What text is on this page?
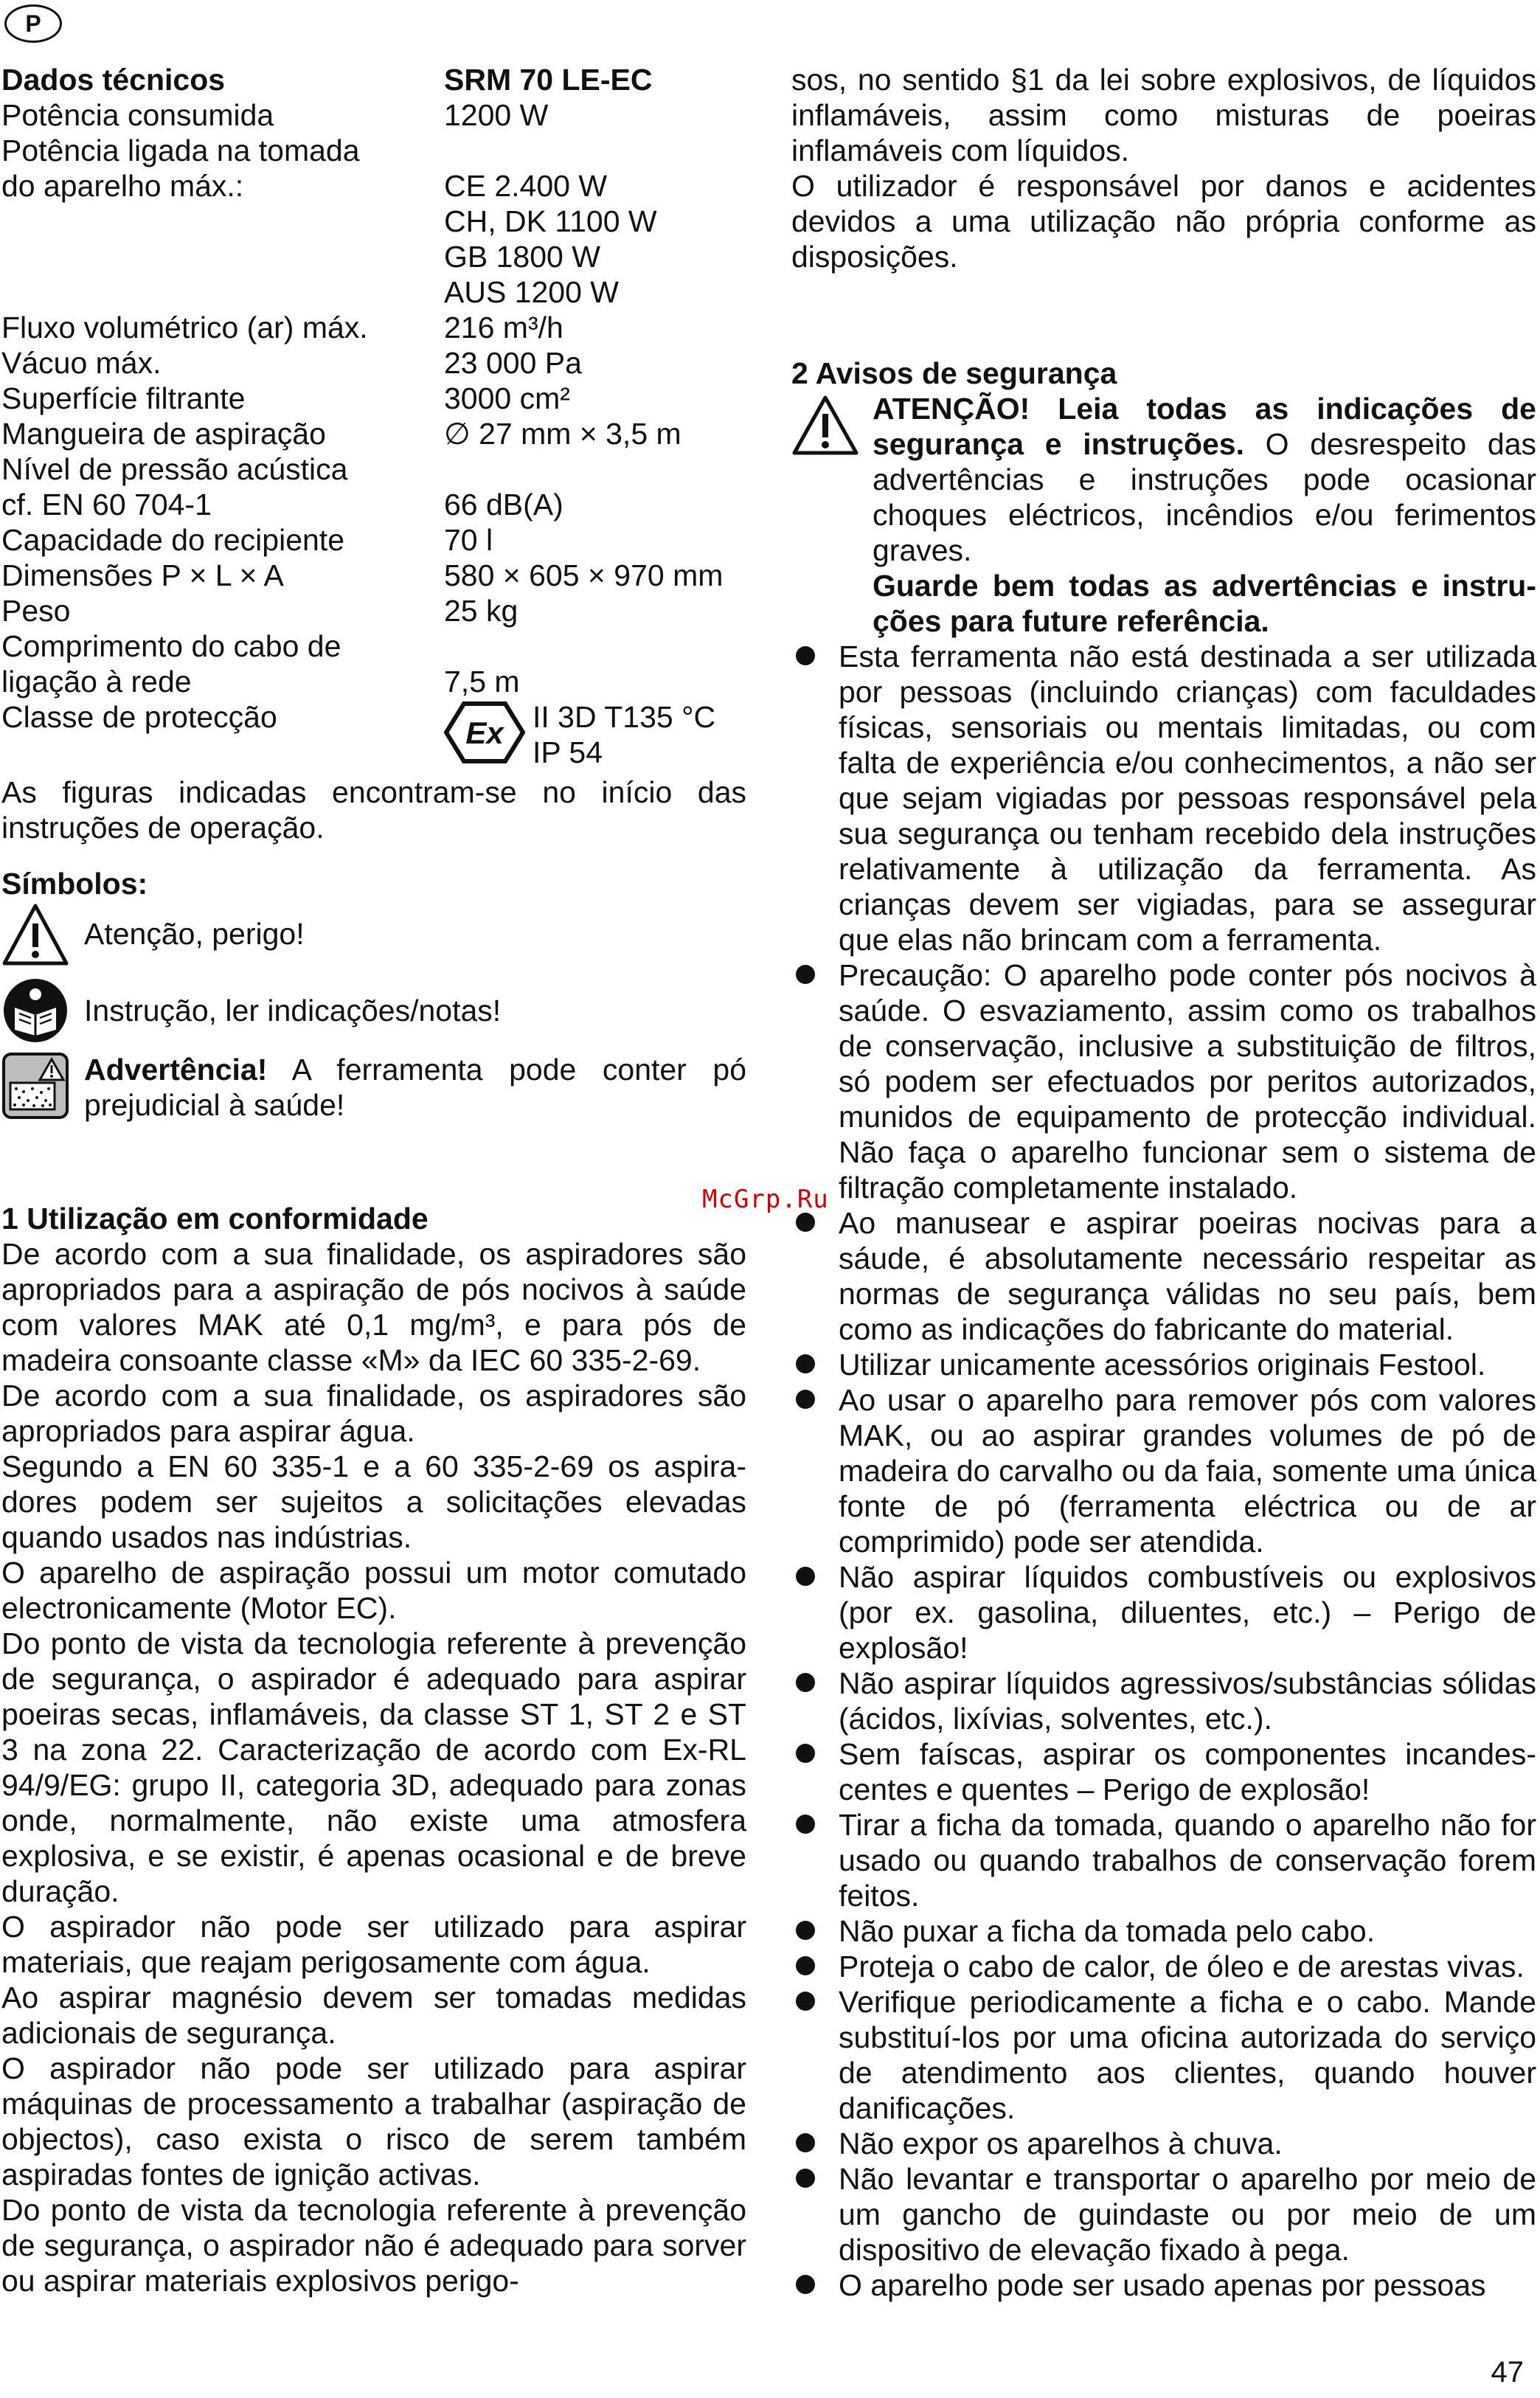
P
Dados técnicos	SRM 70 LE-EC
Potência consumida	1200 W
Potência ligada na tomada	
do aparelho máx.:	CE 2.400 W
	CH, DK 1100 W
	GB 1800 W
	AUS 1200 W
Fluxo volumétrico (ar) máx.	216 m³/h
Vácuo máx.	23 000 Pa
Superfície filtrante	3000 cm²
Mangueira de aspiração	∅ 27 mm × 3,5 m
Nível de pressão acústica	
cf. EN 60 704-1	66 dB(A)
Capacidade do recipiente	70 l
Dimensões P × L × A	580 × 605 × 970 mm
Peso	25 kg
Comprimento do cabo de	
ligação à rede	7,5 m
Classe de protecção	Ex II 3D T135 °C
IP 54

As figuras indicadas encontram-se no início das instruções de operação.

Símbolos:
Atenção, perigo!
Instrução, ler indicações/notas!

Advertência! A ferramenta pode conter pó prejudicial à saúde!

1 Utilização em conformidade

De acordo com a sua finalidade, os aspiradores são apropriados para a aspiração de pós nocivos à saúde com valores MAK até 0,1 mg/m³, e para pós de madeira consoante classe «M» da IEC 60 335-2-69.

De acordo com a sua finalidade, os aspiradores são apropriados para aspirar água.

Segundo a EN 60 335-1 e a 60 335-2-69 os aspiradores podem ser sujeitos a solicitações elevadas quando usados nas indústrias.

O aparelho de aspiração possui um motor comutado electronicamente (Motor EC).

Do ponto de vista da tecnologia referente à prevenção de segurança, o aspirador é adequado para aspirar poeiras secas, inflamáveis, da classe ST 1, ST 2 e ST 3 na zona 22. Caracterização de acordo com Ex-RL 94/9/EG: grupo II, categoria 3D, adequado para zonas onde, normalmente, não existe uma atmosfera explosiva, e se existir, é apenas ocasional e de breve duração.

O aspirador não pode ser utilizado para aspirar materiais, que reajam perigosamente com água.

Ao aspirar magnésio devem ser tomadas medidas adicionais de segurança.

O aspirador não pode ser utilizado para aspirar máquinas de processamento a trabalhar (aspiração de objectos), caso exista o risco de serem também aspiradas fontes de ignição activas.

Do ponto de vista da tecnologia referente à prevenção de segurança, o aspirador não é adequado para sorver ou aspirar materiais explosivos perigo-

sos, no sentido §1 da lei sobre explosivos, de líquidos inflamáveis, assim como misturas de poeiras inflamáveis com líquidos.

O utilizador é responsável por danos e acidentes devidos a uma utilização não própria conforme as disposições.

2 Avisos de segurança

ATENÇÃO! Leia todas as indicações de segurança e instruções. O desrespeito das advertências e instruções pode ocasionar choques eléctricos, incêndios e/ou ferimentos graves.

Guarde bem todas as advertências e instruções para future referência.

Esta ferramenta não está destinada a ser utilizada por pessoas (incluindo crianças) com faculdades físicas, sensoriais ou mentais limitadas, ou com falta de experiência e/ou conhecimentos, a não ser que sejam vigiadas por pessoas responsável pela sua segurança ou tenham recebido dela instruções relativamente à utilização da ferramenta. As crianças devem ser vigiadas, para se assegurar que elas não brincam com a ferramenta.
Precaução: O aparelho pode conter pós nocivos à saúde. O esvaziamento, assim como os trabalhos de conservação, inclusive a substituição de filtros, só podem ser efectuados por peritos autorizados, munidos de equipamento de protecção individual. Não faça o aparelho funcionar sem o sistema de filtração completamente instalado.
Ao manusear e aspirar poeiras nocivas para a sáude, é absolutamente necessário respeitar as normas de segurança válidas no seu país, bem como as indicações do fabricante do material.
Utilizar unicamente acessórios originais Festool.
Ao usar o aparelho para remover pós com valores MAK, ou ao aspirar grandes volumes de pó de madeira do carvalho ou da faia, somente uma única fonte de pó (ferramenta eléctrica ou de ar comprimido) pode ser atendida.
Não aspirar líquidos combustíveis ou explosivos (por ex. gasolina, diluentes, etc.) – Perigo de explosão!
Não aspirar líquidos agressivos/substâncias sólidas (ácidos, lixívias, solventes, etc.).
Sem faíscas, aspirar os componentes incandescentes e quentes – Perigo de explosão!
Tirar a ficha da tomada, quando o aparelho não for usado ou quando trabalhos de conservação forem feitos.
Não puxar a ficha da tomada pelo cabo.
Proteja o cabo de calor, de óleo e de arestas vivas.
Verifique periodicamente a ficha e o cabo. Mande substituí-los por uma oficina autorizada do serviço de atendimento aos clientes, quando houver danificações.
Não expor os aparelhos à chuva.
Não levantar e transportar o aparelho por meio de um gancho de guindaste ou por meio de um dispositivo de elevação fixado à pega.
O aparelho pode ser usado apenas por pessoas
McGrp.Ru
47
